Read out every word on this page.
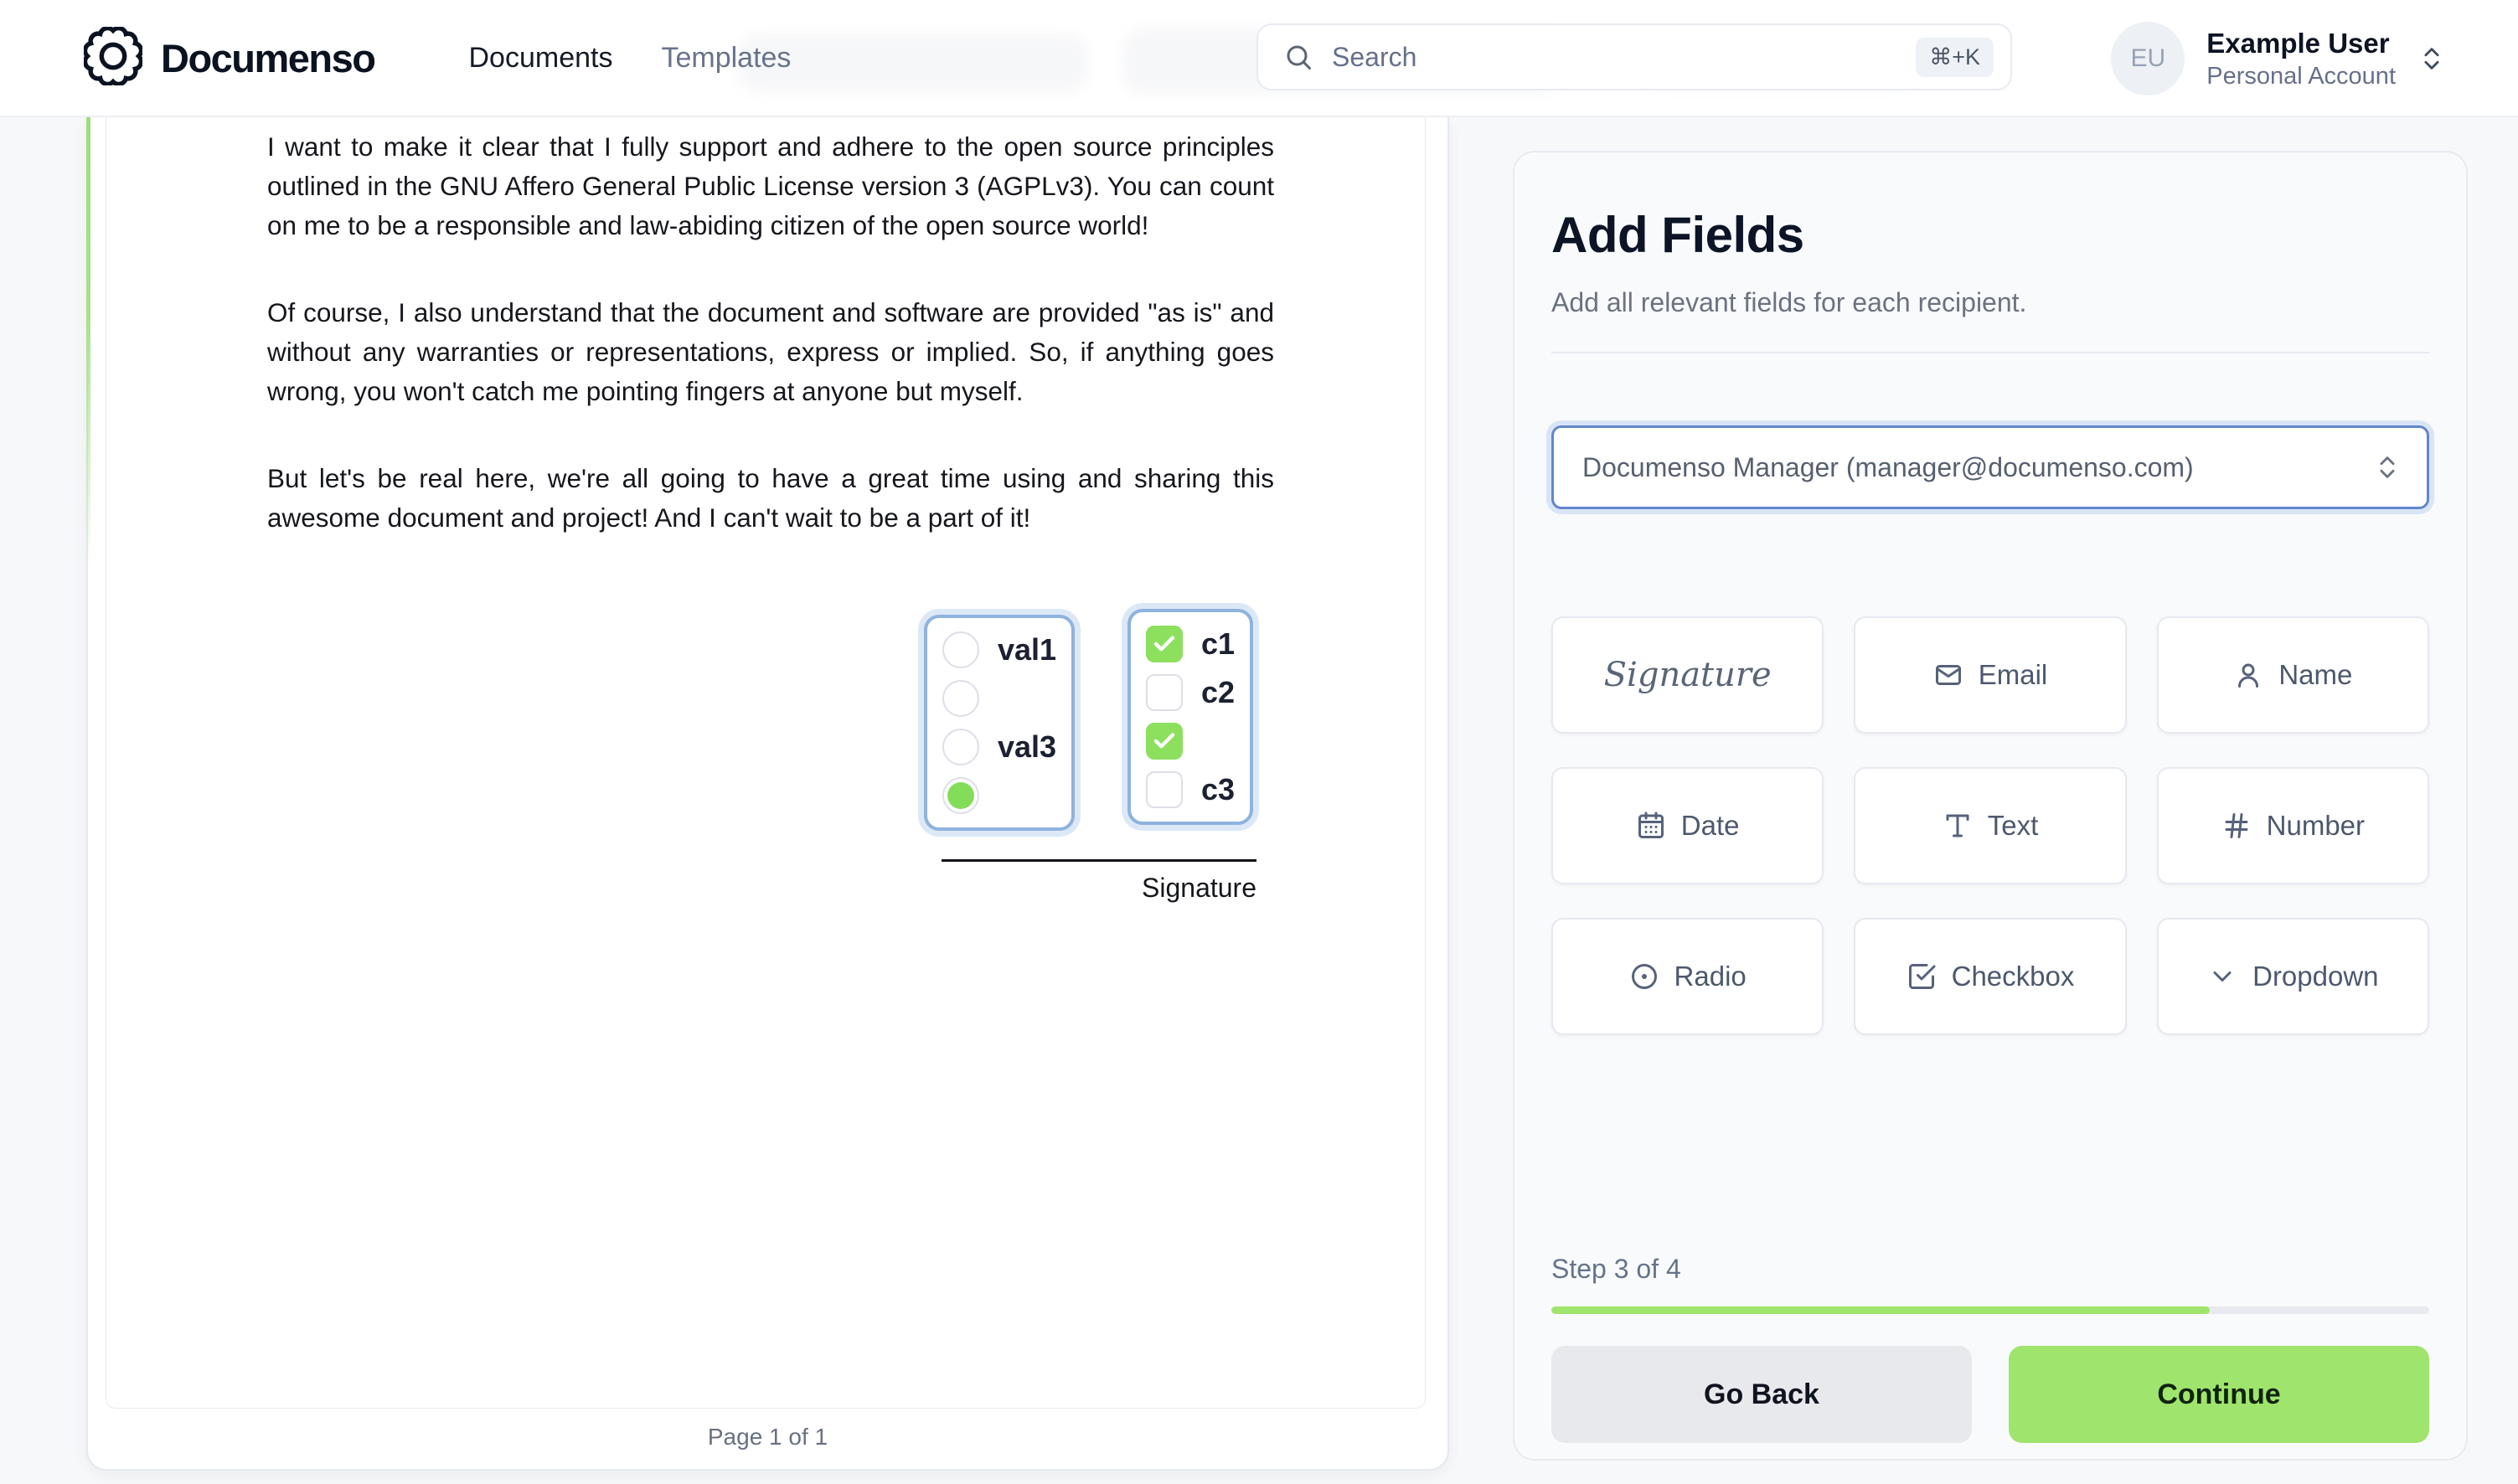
Documenso	Documents Templates
Search	⌘+K	EU	Example User
Personal Account

I want to make it clear that I fully support and adhere to the open source principles outlined in the GNU Affero General Public License version 3 (AGPLv3). You can count on me to be a responsible and law-abiding citizen of the open source world!

Of course, I also understand that the document and software are provided "as is" and without any warranties or representations, express or implied. So, if anything goes wrong, you won't catch me pointing fingers at anyone but myself.

But let's be real here, we're all going to have a great time using and sharing this awesome document and project! And I can't wait to be a part of it!

val1
val3
c1
c2
c3
Signature
Page 1 of 1
Add Fields

Add all relevant fields for each recipient.

Documenso Manager (manager@documenso.com)
Signature	Email	Name
Date	Text	Number
Radio	Checkbox	Dropdown
Step 3 of 4
Go Back	Continue
